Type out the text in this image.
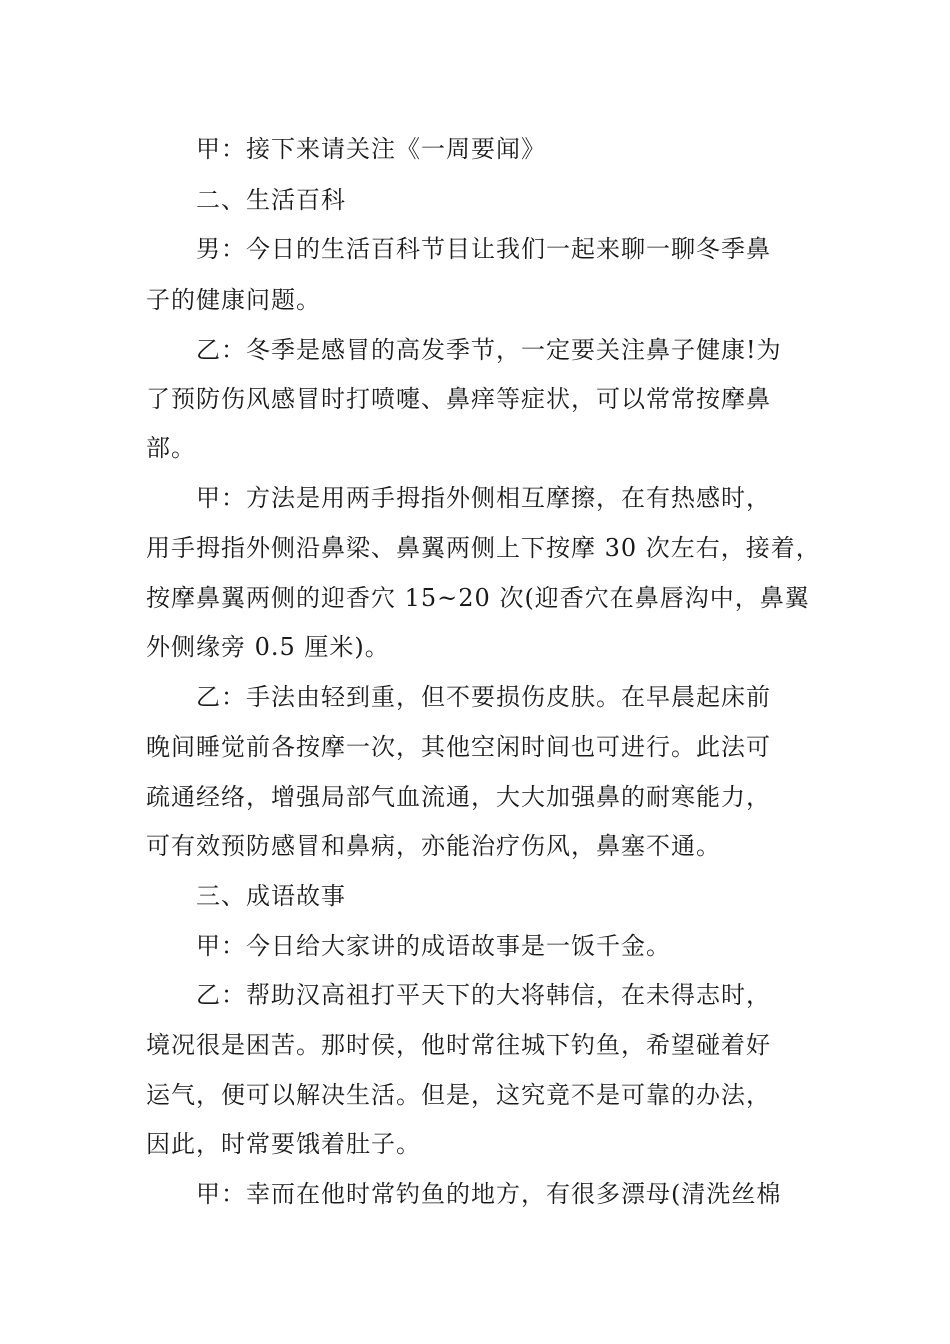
甲：接下来请关注《一周要闻》
二、生活百科
男：今日的生活百科节目让我们一起来聊一聊冬季鼻
子的健康问题。
乙：冬季是感冒的高发季节，一定要关注鼻子健康!为
了预防伤风感冒时打喷嚏、鼻痒等症状，可以常常按摩鼻
部。
甲：方法是用两手拇指外侧相互摩擦，在有热感时，
用手拇指外侧沿鼻梁、鼻翼两侧上下按摩 30 次左右，接着，
按摩鼻翼两侧的迎香穴 15~20 次(迎香穴在鼻唇沟中，鼻翼
外侧缘旁 0.5 厘米)。
乙：手法由轻到重，但不要损伤皮肤。在早晨起床前
晚间睡觉前各按摩一次，其他空闲时间也可进行。此法可
疏通经络，增强局部气血流通，大大加强鼻的耐寒能力，
可有效预防感冒和鼻病，亦能治疗伤风，鼻塞不通。
三、成语故事
甲：今日给大家讲的成语故事是一饭千金。
乙：帮助汉高祖打平天下的大将韩信，在未得志时，
境况很是困苦。那时侯，他时常往城下钓鱼，希望碰着好
运气，便可以解决生活。但是，这究竟不是可靠的办法，
因此，时常要饿着肚子。
甲：幸而在他时常钓鱼的地方，有很多漂母(清洗丝棉
